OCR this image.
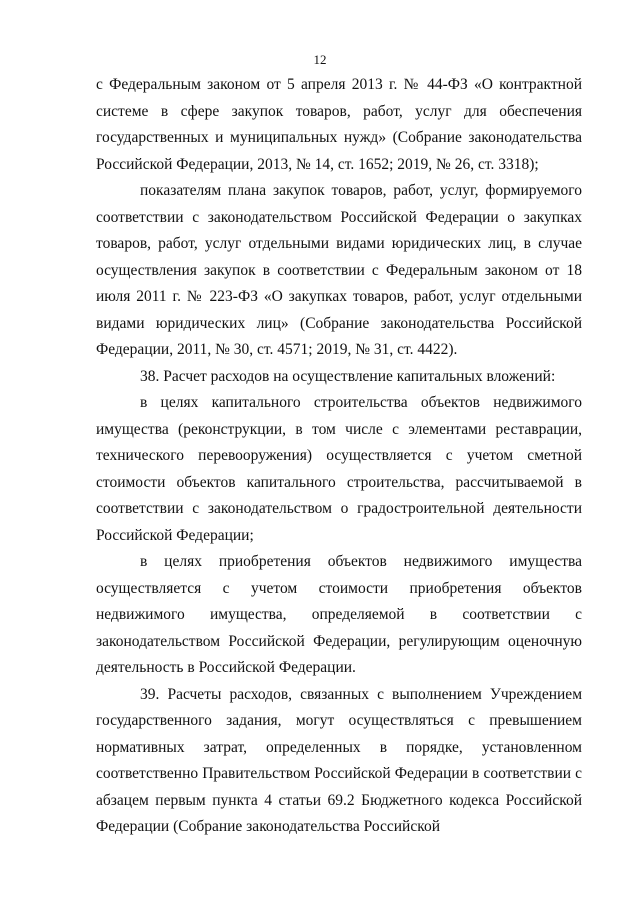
12

с Федеральным законом от 5 апреля 2013 г. № 44-ФЗ «О контрактной системе в сфере закупок товаров, работ, услуг для обеспечения государственных и муниципальных нужд» (Собрание законодательства Российской Федерации, 2013, № 14, ст. 1652; 2019, № 26, ст. 3318);

показателям плана закупок товаров, работ, услуг, формируемого соответствии с законодательством Российской Федерации о закупках товаров, работ, услуг отдельными видами юридических лиц, в случае осуществления закупок в соответствии с Федеральным законом от 18 июля 2011 г. № 223-ФЗ «О закупках товаров, работ, услуг отдельными видами юридических лиц» (Собрание законодательства Российской Федерации, 2011, № 30, ст. 4571; 2019, № 31, ст. 4422).

38. Расчет расходов на осуществление капитальных вложений:

в целях капитального строительства объектов недвижимого имущества (реконструкции, в том числе с элементами реставрации, технического перевооружения) осуществляется с учетом сметной стоимости объектов капитального строительства, рассчитываемой в соответствии с законодательством о градостроительной деятельности Российской Федерации;

в целях приобретения объектов недвижимого имущества осуществляется с учетом стоимости приобретения объектов недвижимого имущества, определяемой в соответствии с законодательством Российской Федерации, регулирующим оценочную деятельность в Российской Федерации.

39. Расчеты расходов, связанных с выполнением Учреждением государственного задания, могут осуществляться с превышением нормативных затрат, определенных в порядке, установленном соответственно Правительством Российской Федерации в соответствии с абзацем первым пункта 4 статьи 69.2 Бюджетного кодекса Российской Федерации (Собрание законодательства Российской
